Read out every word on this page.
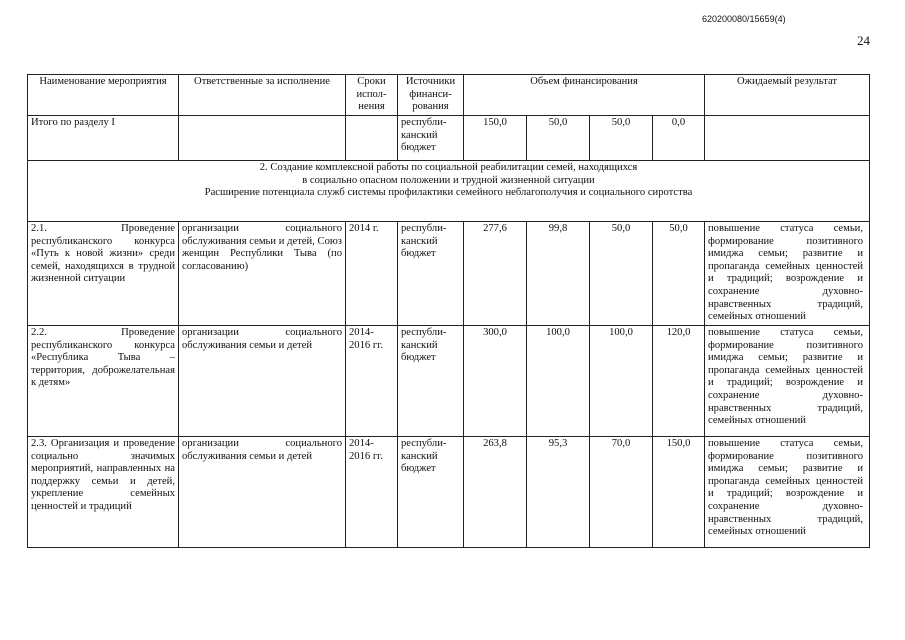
620200080/15659(4)
24
Наименование мероприятия	Ответственные за исполнение	Сроки испол-нения	Источники финанси-рования	Объем финансирования				Ожидаемый результат
Итого по разделу I			республи-канский бюджет	150,0	50,0	50,0	0,0	

2. Создание комплексной работы по социальной реабилитации семей, находящихся
в социально опасном положении и трудной жизненной ситуации
Расширение потенциала служб системы профилактики семейного неблагополучия и социального сиротства								

2.1. Проведение республиканского конкурса «Путь к новой жизни» среди семей, находящихся в трудной жизненной ситуации	организации социального обслуживания семьи и детей, Союз женщин Республики Тыва (по согласованию)	2014 г.	республи-канский бюджет	277,6	99,8	50,0	50,0	повышение статуса семьи, формирование позитивного имиджа семьи; развитие и пропаганда семейных ценностей и традиций; возрождение и сохранение духовно-нравственных традиций, семейных отношений
2.2. Проведение республиканского конкурса «Республика Тыва – территория, доброжелательная к детям»	организации социального обслуживания семьи и детей	2014-2016 гг.	республи-канский бюджет	300,0	100,0	100,0	120,0	повышение статуса семьи, формирование позитивного имиджа семьи; развитие и пропаганда семейных ценностей и традиций; возрождение и сохранение духовно-нравственных традиций, семейных отношений
2.3. Организация и проведение социально значимых мероприятий, направленных на поддержку семьи и детей, укрепление семейных ценностей и традиций	организации социального обслуживания семьи и детей	2014-2016 гг.	республи-канский бюджет	263,8	95,3	70,0	150,0	повышение статуса семьи, формирование позитивного имиджа семьи; развитие и пропаганда семейных ценностей и традиций; возрождение и сохранение духовно-нравственных традиций, семейных отношений
